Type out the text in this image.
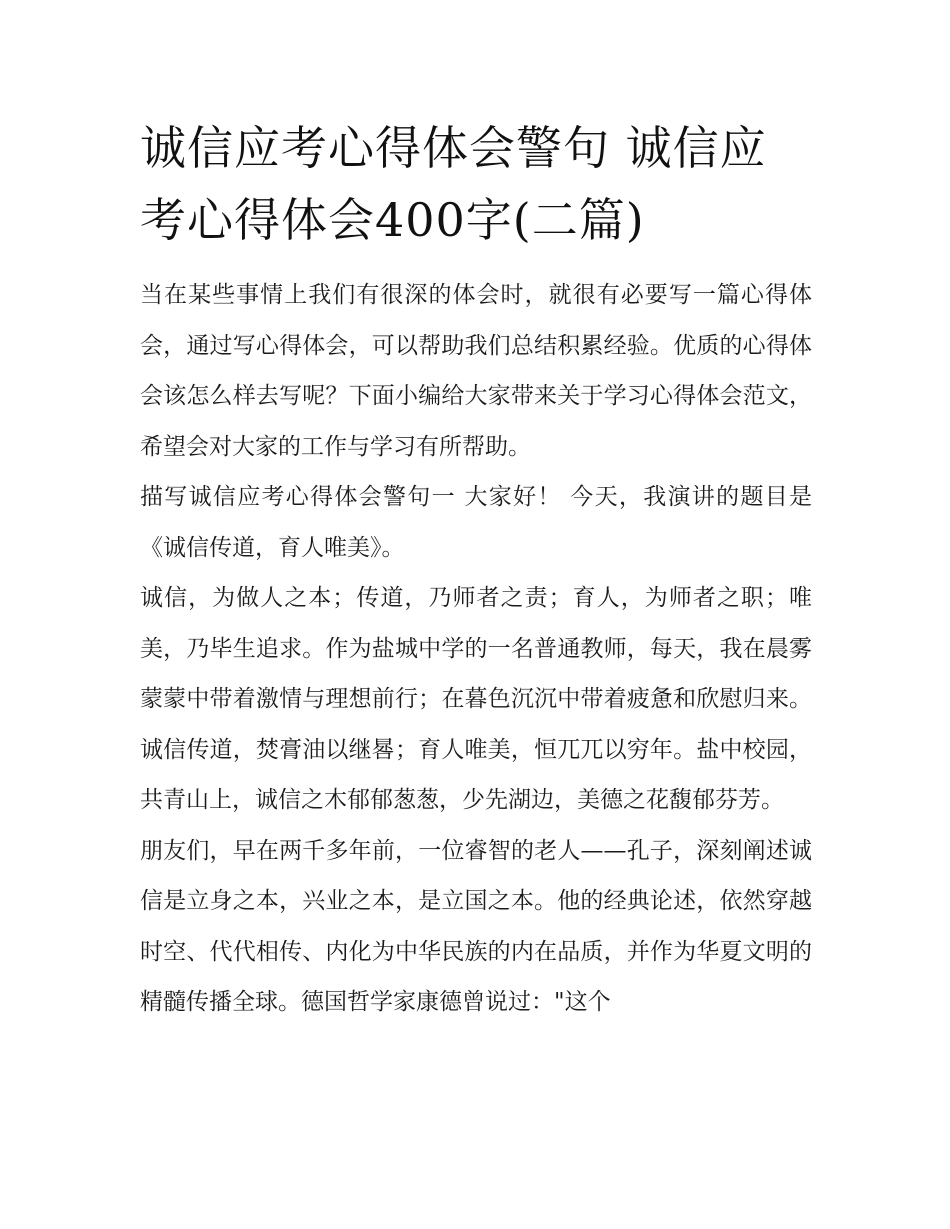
诚信应考心得体会警句 诚信应考心得体会400字(二篇)

当在某些事情上我们有很深的体会时，就很有必要写一篇心得体会，通过写心得体会，可以帮助我们总结积累经验。优质的心得体会该怎么样去写呢？下面小编给大家带来关于学习心得体会范文，希望会对大家的工作与学习有所帮助。

描写诚信应考心得体会警句一 大家好！ 今天，我演讲的题目是《诚信传道，育人唯美》。

诚信，为做人之本；传道，乃师者之责；育人，为师者之职；唯美，乃毕生追求。作为盐城中学的一名普通教师，每天，我在晨雾蒙蒙中带着激情与理想前行；在暮色沉沉中带着疲惫和欣慰归来。诚信传道，焚膏油以继晷；育人唯美，恒兀兀以穷年。盐中校园，共青山上，诚信之木郁郁葱葱，少先湖边，美德之花馥郁芬芳。

朋友们，早在两千多年前，一位睿智的老人——孔子，深刻阐述诚信是立身之本，兴业之本，是立国之本。他的经典论述，依然穿越时空、代代相传、内化为中华民族的内在品质，并作为华夏文明的精髓传播全球。德国哲学家康德曾说过："这个
